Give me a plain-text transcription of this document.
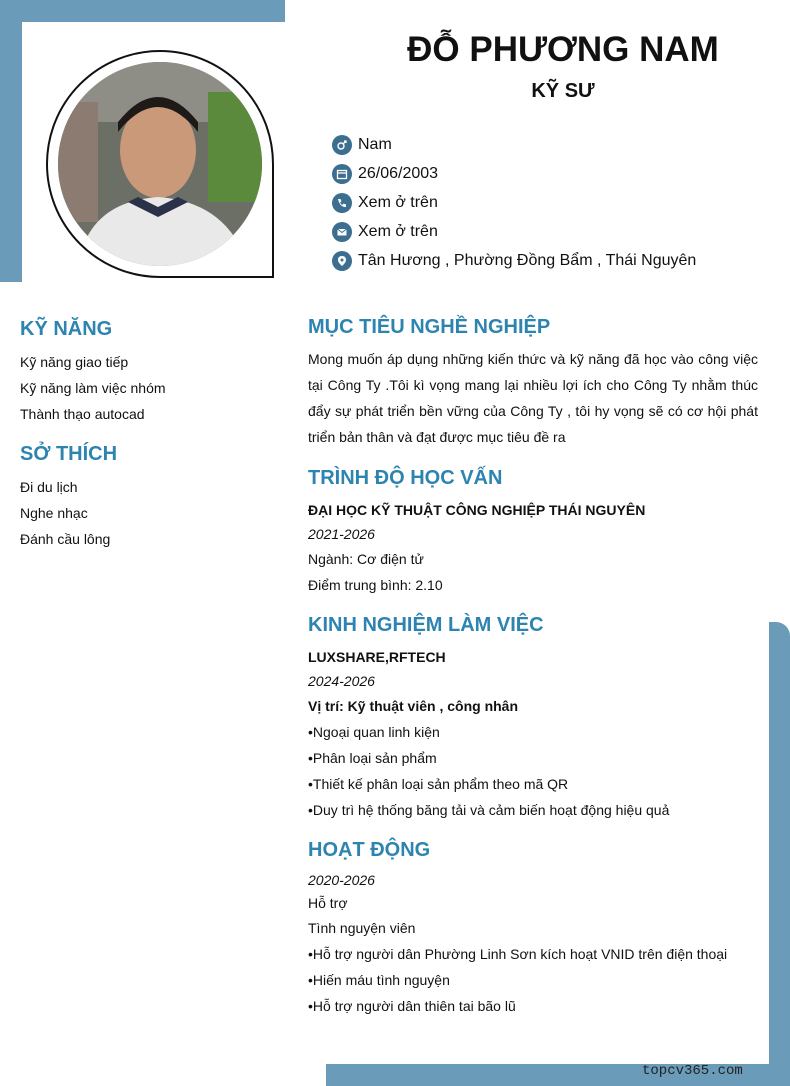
ĐỖ PHƯƠNG NAM
KỸ SƯ
Nam
26/06/2003
Xem ở trên
Xem ở trên
Tân Hương , Phường Đồng Bẩm , Thái Nguyên
KỸ NĂNG
Kỹ năng giao tiếp
Kỹ năng làm việc nhóm
Thành thạo autocad
SỞ THÍCH
Đi du lịch
Nghe nhạc
Đánh cầu lông
MỤC TIÊU NGHỀ NGHIỆP
Mong muốn áp dụng những kiến thức và kỹ năng đã học vào công việc tại Công Ty .Tôi kì vọng mang lại nhiều lợi ích cho Công Ty nhằm thúc đẩy sự phát triển bền vững của Công Ty , tôi hy vọng sẽ có cơ hội phát triển bản thân và đạt được mục tiêu đề ra
TRÌNH ĐỘ HỌC VẤN
ĐẠI HỌC KỸ THUẬT CÔNG NGHIỆP THÁI NGUYÊN
2021-2026
Ngành: Cơ điện tử
Điểm trung bình: 2.10
KINH NGHIỆM LÀM VIỆC
LUXSHARE,RFTECH
2024-2026
Vị trí: Kỹ thuật viên , công nhân
•Ngoại quan linh kiện
•Phân loại sản phẩm
•Thiết kế phân loại sản phẩm theo mã QR
•Duy trì hệ thống băng tải và cảm biến hoạt động hiệu quả
HOẠT ĐỘNG
2020-2026
Hỗ trợ
Tình nguyện viên
•Hỗ trợ người dân Phường Linh Sơn kích hoạt VNID trên điện thoại
•Hiến máu tình nguyện
•Hỗ trợ người dân thiên tai bão lũ
topcv365.com
